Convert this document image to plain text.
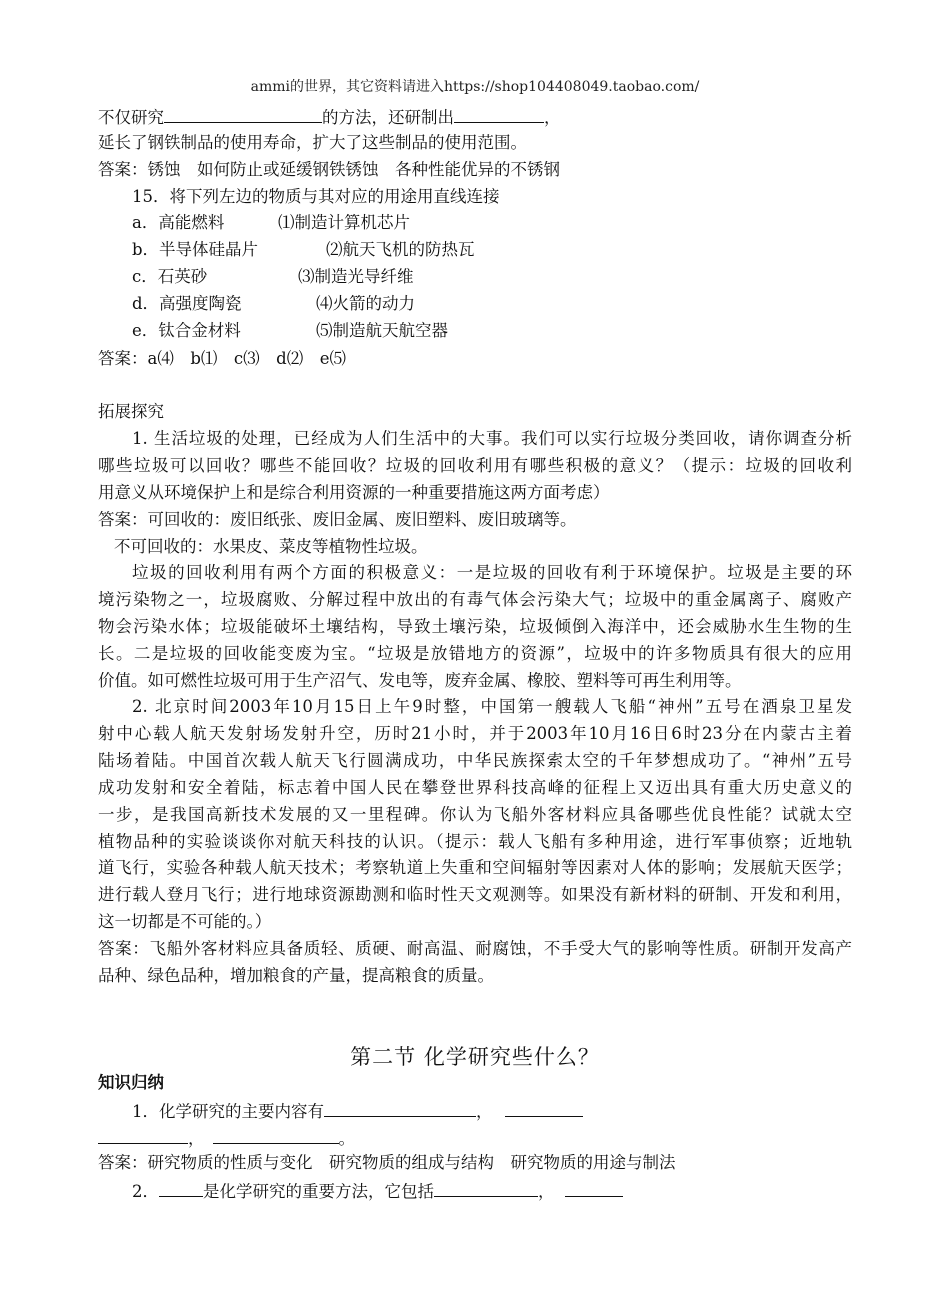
ammi的世界，其它资料请进入https://shop104408049.taobao.com/
不仅研究	的方法，还研制出	，
延长了钢铁制品的使用寿命，扩大了这些制品的使用范围。
答案：锈蚀　如何防止或延缓钢铁锈蚀　各种性能优异的不锈钢
15．将下列左边的物质与其对应的用途用直线连接
a．高能燃料	⑴制造计算机芯片
b．半导体硅晶片	⑵航天飞机的防热瓦
c．石英砂	⑶制造光导纤维
d．高强度陶瓷	⑷火箭的动力
e．钛合金材料	⑸制造航天航空器
答案：a⑷　b⑴　c⑶　d⑵　e⑸
拓展探究
1. 生活垃圾的处理，已经成为人们生活中的大事。我们可以实行垃圾分类回收，请你调查分析
哪些垃圾可以回收？哪些不能回收？垃圾的回收利用有哪些积极的意义？（提示：垃圾的回收利
用意义从环境保护上和是综合利用资源的一种重要措施这两方面考虑）
答案：可回收的：废旧纸张、废旧金属、废旧塑料、废旧玻璃等。
不可回收的：水果皮、菜皮等植物性垃圾。
垃圾的回收利用有两个方面的积极意义：一是垃圾的回收有利于环境保护。垃圾是主要的环
境污染物之一，垃圾腐败、分解过程中放出的有毒气体会污染大气；垃圾中的重金属离子、腐败产
物会污染水体；垃圾能破坏土壤结构，导致土壤污染，垃圾倾倒入海洋中，还会威胁水生生物的生
长。二是垃圾的回收能变废为宝。“垃圾是放错地方的资源”，垃圾中的许多物质具有很大的应用
价值。如可燃性垃圾可用于生产沼气、发电等，废弃金属、橡胶、塑料等可再生利用等。
2. 北京时间2003年10月15日上午9时整，中国第一艘载人飞船“神州”五号在酒泉卫星发
射中心载人航天发射场发射升空，历时21小时，并于2003年10月16日6时23分在内蒙古主着
陆场着陆。中国首次载人航天飞行圆满成功，中华民族探索太空的千年梦想成功了。“神州”五号
成功发射和安全着陆，标志着中国人民在攀登世界科技高峰的征程上又迈出具有重大历史意义的
一步，是我国高新技术发展的又一里程碑。你认为飞船外客材料应具备哪些优良性能？试就太空
植物品种的实验谈谈你对航天科技的认识。（提示：载人飞船有多种用途，进行军事侦察；近地轨
道飞行，实验各种载人航天技术；考察轨道上失重和空间辐射等因素对人体的影响；发展航天医学；
进行载人登月飞行；进行地球资源勘测和临时性天文观测等。如果没有新材料的研制、开发和利用，
这一切都是不可能的。）
答案：飞船外客材料应具备质轻、质硬、耐高温、耐腐蚀，不手受大气的影响等性质。研制开发高产
品种、绿色品种，增加粮食的产量，提高粮食的质量。
第二节 化学研究些什么？
知识归纳
1．化学研究的主要内容有	，
，	。
答案：研究物质的性质与变化　研究物质的组成与结构　研究物质的用途与制法
2．	是化学研究的重要方法，它包括	，
